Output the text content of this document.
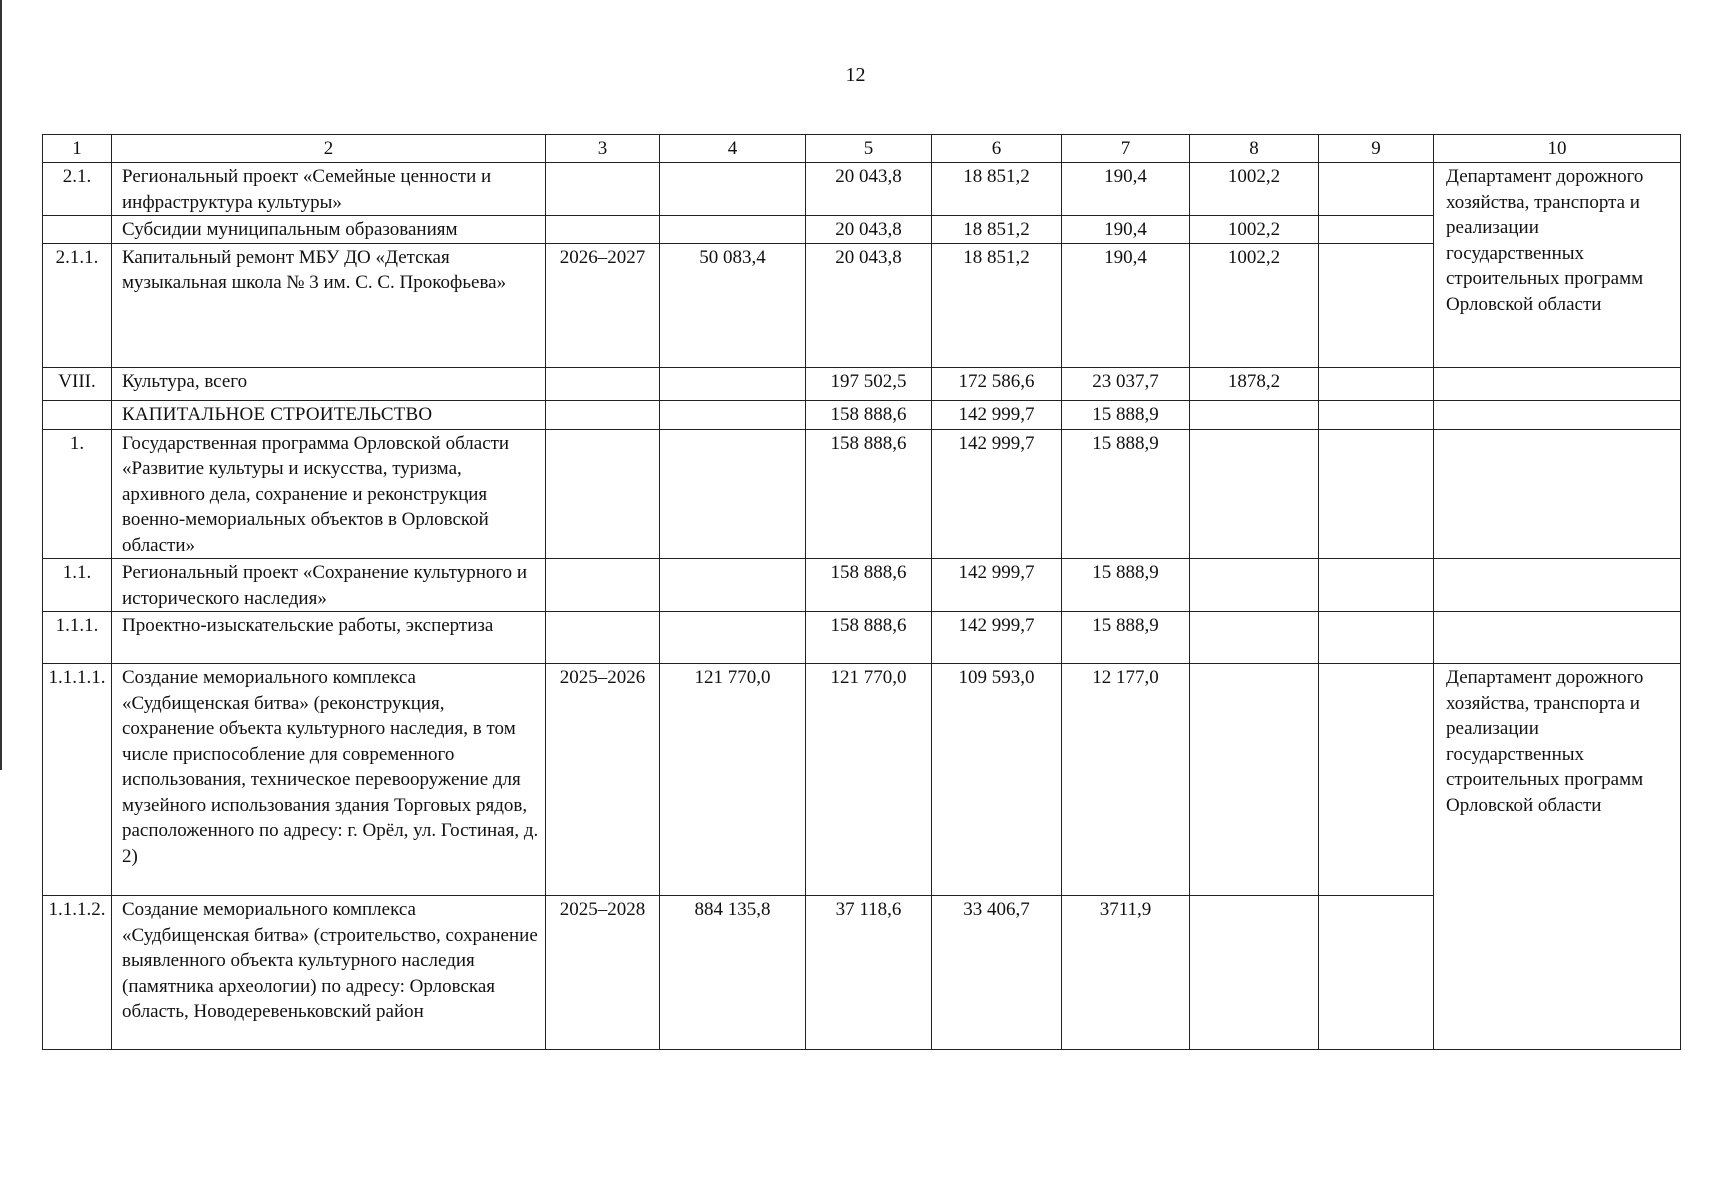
12
1	2	3	4	5	6	7	8	9	10
2.1.	Региональный проект «Семейные ценности и инфраструктура культуры»			20 043,8	18 851,2	190,4	1002,2		Департамент дорожного хозяйства, транспорта и реализации государственных строительных программ Орловской области
	Субсидии муниципальным образованиям			20 043,8	18 851,2	190,4	1002,2		
2.1.1.	Капитальный ремонт МБУ ДО «Детская музыкальная школа № 3 им. С. С. Прокофьева»	2026–2027	50 083,4	20 043,8	18 851,2	190,4	1002,2		
VIII.	Культура, всего			197 502,5	172 586,6	23 037,7	1878,2		
	КАПИТАЛЬНОЕ СТРОИТЕЛЬСТВО			158 888,6	142 999,7	15 888,9			
1.	Государственная программа Орловской области «Развитие культуры и искусства, туризма, архивного дела, сохранение и реконструкция военно-мемориальных объектов в Орловской области»			158 888,6	142 999,7	15 888,9			
1.1.	Региональный проект «Сохранение культурного и исторического наследия»			158 888,6	142 999,7	15 888,9			
1.1.1.	Проектно-изыскательские работы, экспертиза			158 888,6	142 999,7	15 888,9			
1.1.1.1.	Создание мемориального комплекса «Судбищенская битва» (реконструкция, сохранение объекта культурного наследия, в том числе приспособление для современного использования, техническое перевооружение для музейного использования здания Торговых рядов, расположенного по адресу: г. Орёл, ул. Гостиная, д. 2)	2025–2026	121 770,0	121 770,0	109 593,0	12 177,0			Департамент дорожного хозяйства, транспорта и реализации государственных строительных программ Орловской области
1.1.1.2.	Создание мемориального комплекса «Судбищенская битва» (строительство, сохранение выявленного объекта культурного наследия (памятника археологии) по адресу: Орловская область, Новодеревеньковский район	2025–2028	884 135,8	37 118,6	33 406,7	3711,9			
